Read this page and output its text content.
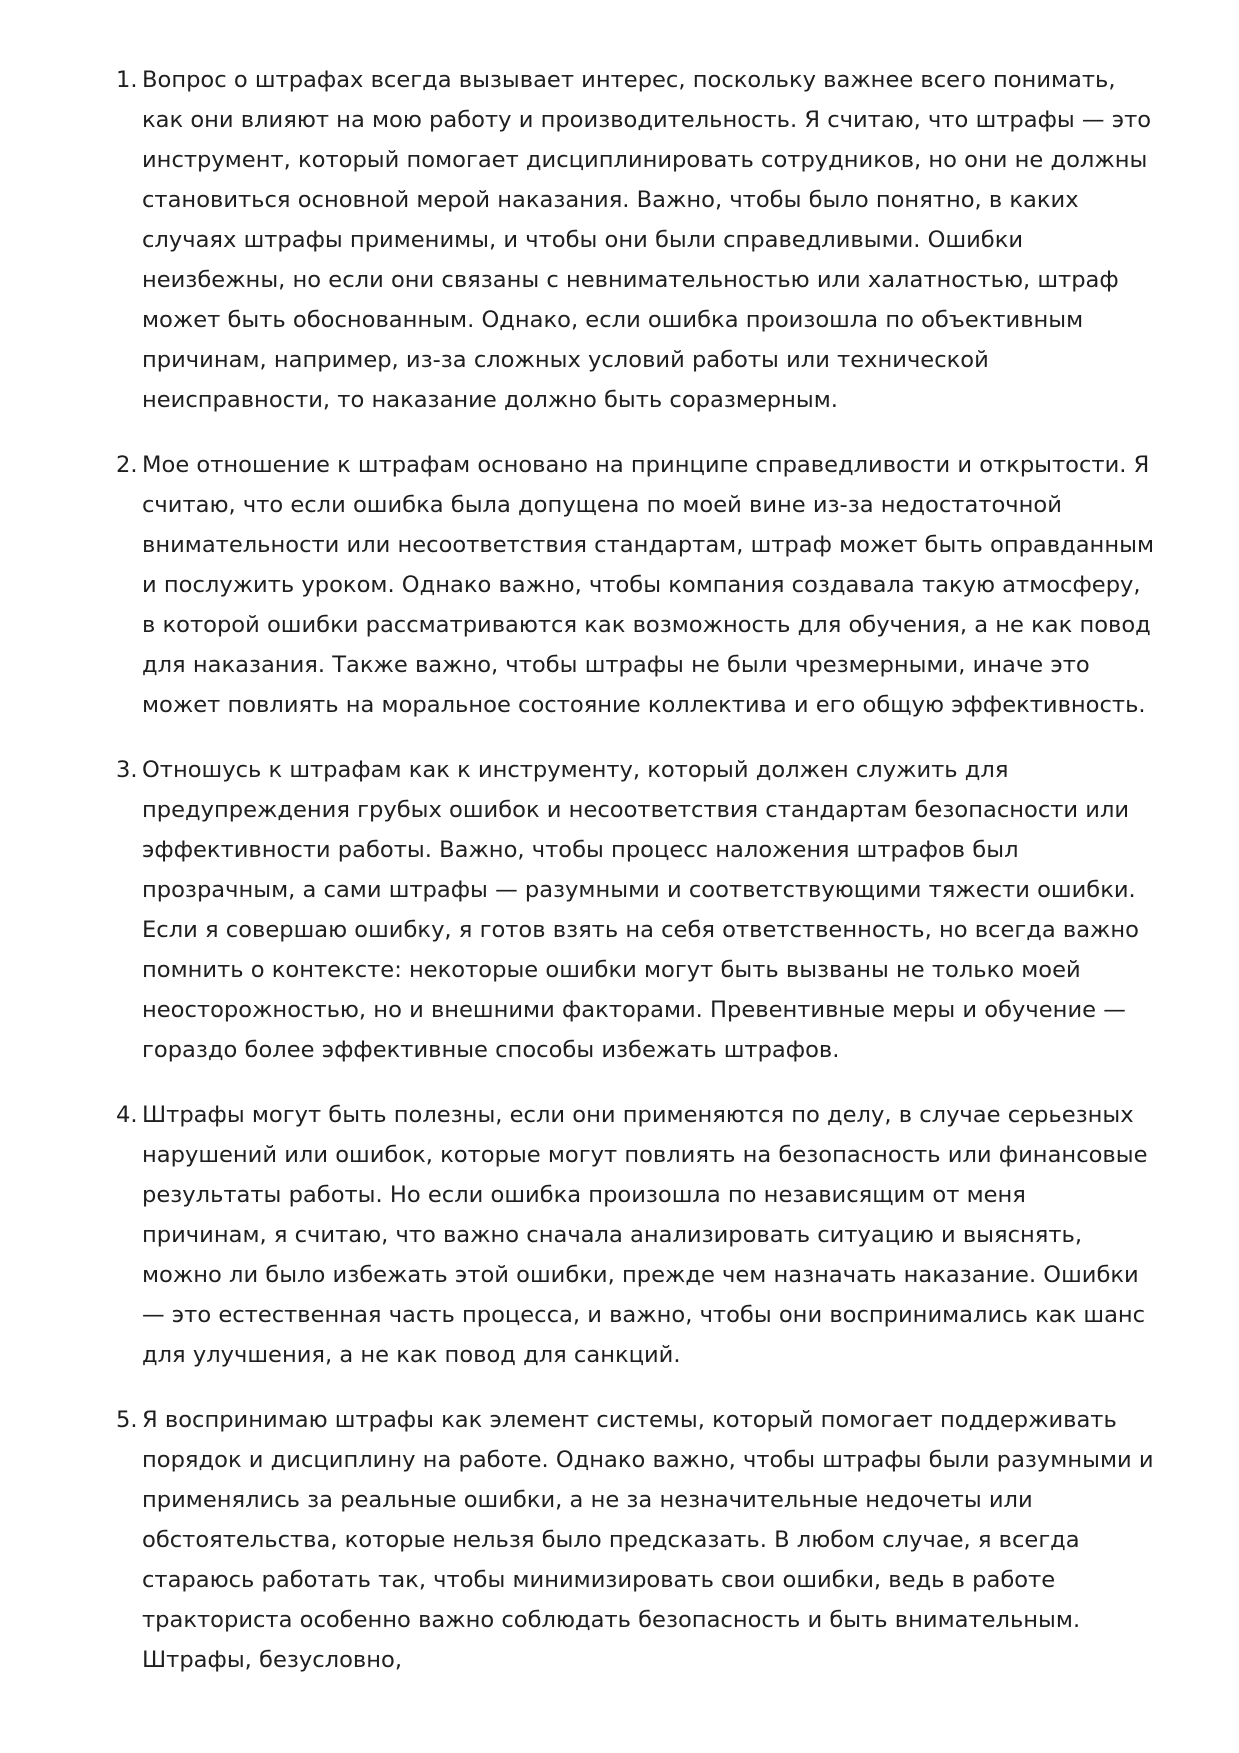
1. Вопрос о штрафах всегда вызывает интерес, поскольку важнее всего понимать, как они влияют на мою работу и производительность. Я считаю, что штрафы — это инструмент, который помогает дисциплинировать сотрудников, но они не должны становиться основной мерой наказания. Важно, чтобы было понятно, в каких случаях штрафы применимы, и чтобы они были справедливыми. Ошибки неизбежны, но если они связаны с невнимательностью или халатностью, штраф может быть обоснованным. Однако, если ошибка произошла по объективным причинам, например, из-за сложных условий работы или технической неисправности, то наказание должно быть соразмерным.

2. Мое отношение к штрафам основано на принципе справедливости и открытости. Я считаю, что если ошибка была допущена по моей вине из-за недостаточной внимательности или несоответствия стандартам, штраф может быть оправданным и послужить уроком. Однако важно, чтобы компания создавала такую атмосферу, в которой ошибки рассматриваются как возможность для обучения, а не как повод для наказания. Также важно, чтобы штрафы не были чрезмерными, иначе это может повлиять на моральное состояние коллектива и его общую эффективность.

3. Отношусь к штрафам как к инструменту, который должен служить для предупреждения грубых ошибок и несоответствия стандартам безопасности или эффективности работы. Важно, чтобы процесс наложения штрафов был прозрачным, а сами штрафы — разумными и соответствующими тяжести ошибки. Если я совершаю ошибку, я готов взять на себя ответственность, но всегда важно помнить о контексте: некоторые ошибки могут быть вызваны не только моей неосторожностью, но и внешними факторами. Превентивные меры и обучение — гораздо более эффективные способы избежать штрафов.

4. Штрафы могут быть полезны, если они применяются по делу, в случае серьезных нарушений или ошибок, которые могут повлиять на безопасность или финансовые результаты работы. Но если ошибка произошла по независящим от меня причинам, я считаю, что важно сначала анализировать ситуацию и выяснять, можно ли было избежать этой ошибки, прежде чем назначать наказание. Ошибки — это естественная часть процесса, и важно, чтобы они воспринимались как шанс для улучшения, а не как повод для санкций.

5. Я воспринимаю штрафы как элемент системы, который помогает поддерживать порядок и дисциплину на работе. Однако важно, чтобы штрафы были разумными и применялись за реальные ошибки, а не за незначительные недочеты или обстоятельства, которые нельзя было предсказать. В любом случае, я всегда стараюсь работать так, чтобы минимизировать свои ошибки, ведь в работе тракториста особенно важно соблюдать безопасность и быть внимательным. Штрафы, безусловно,
